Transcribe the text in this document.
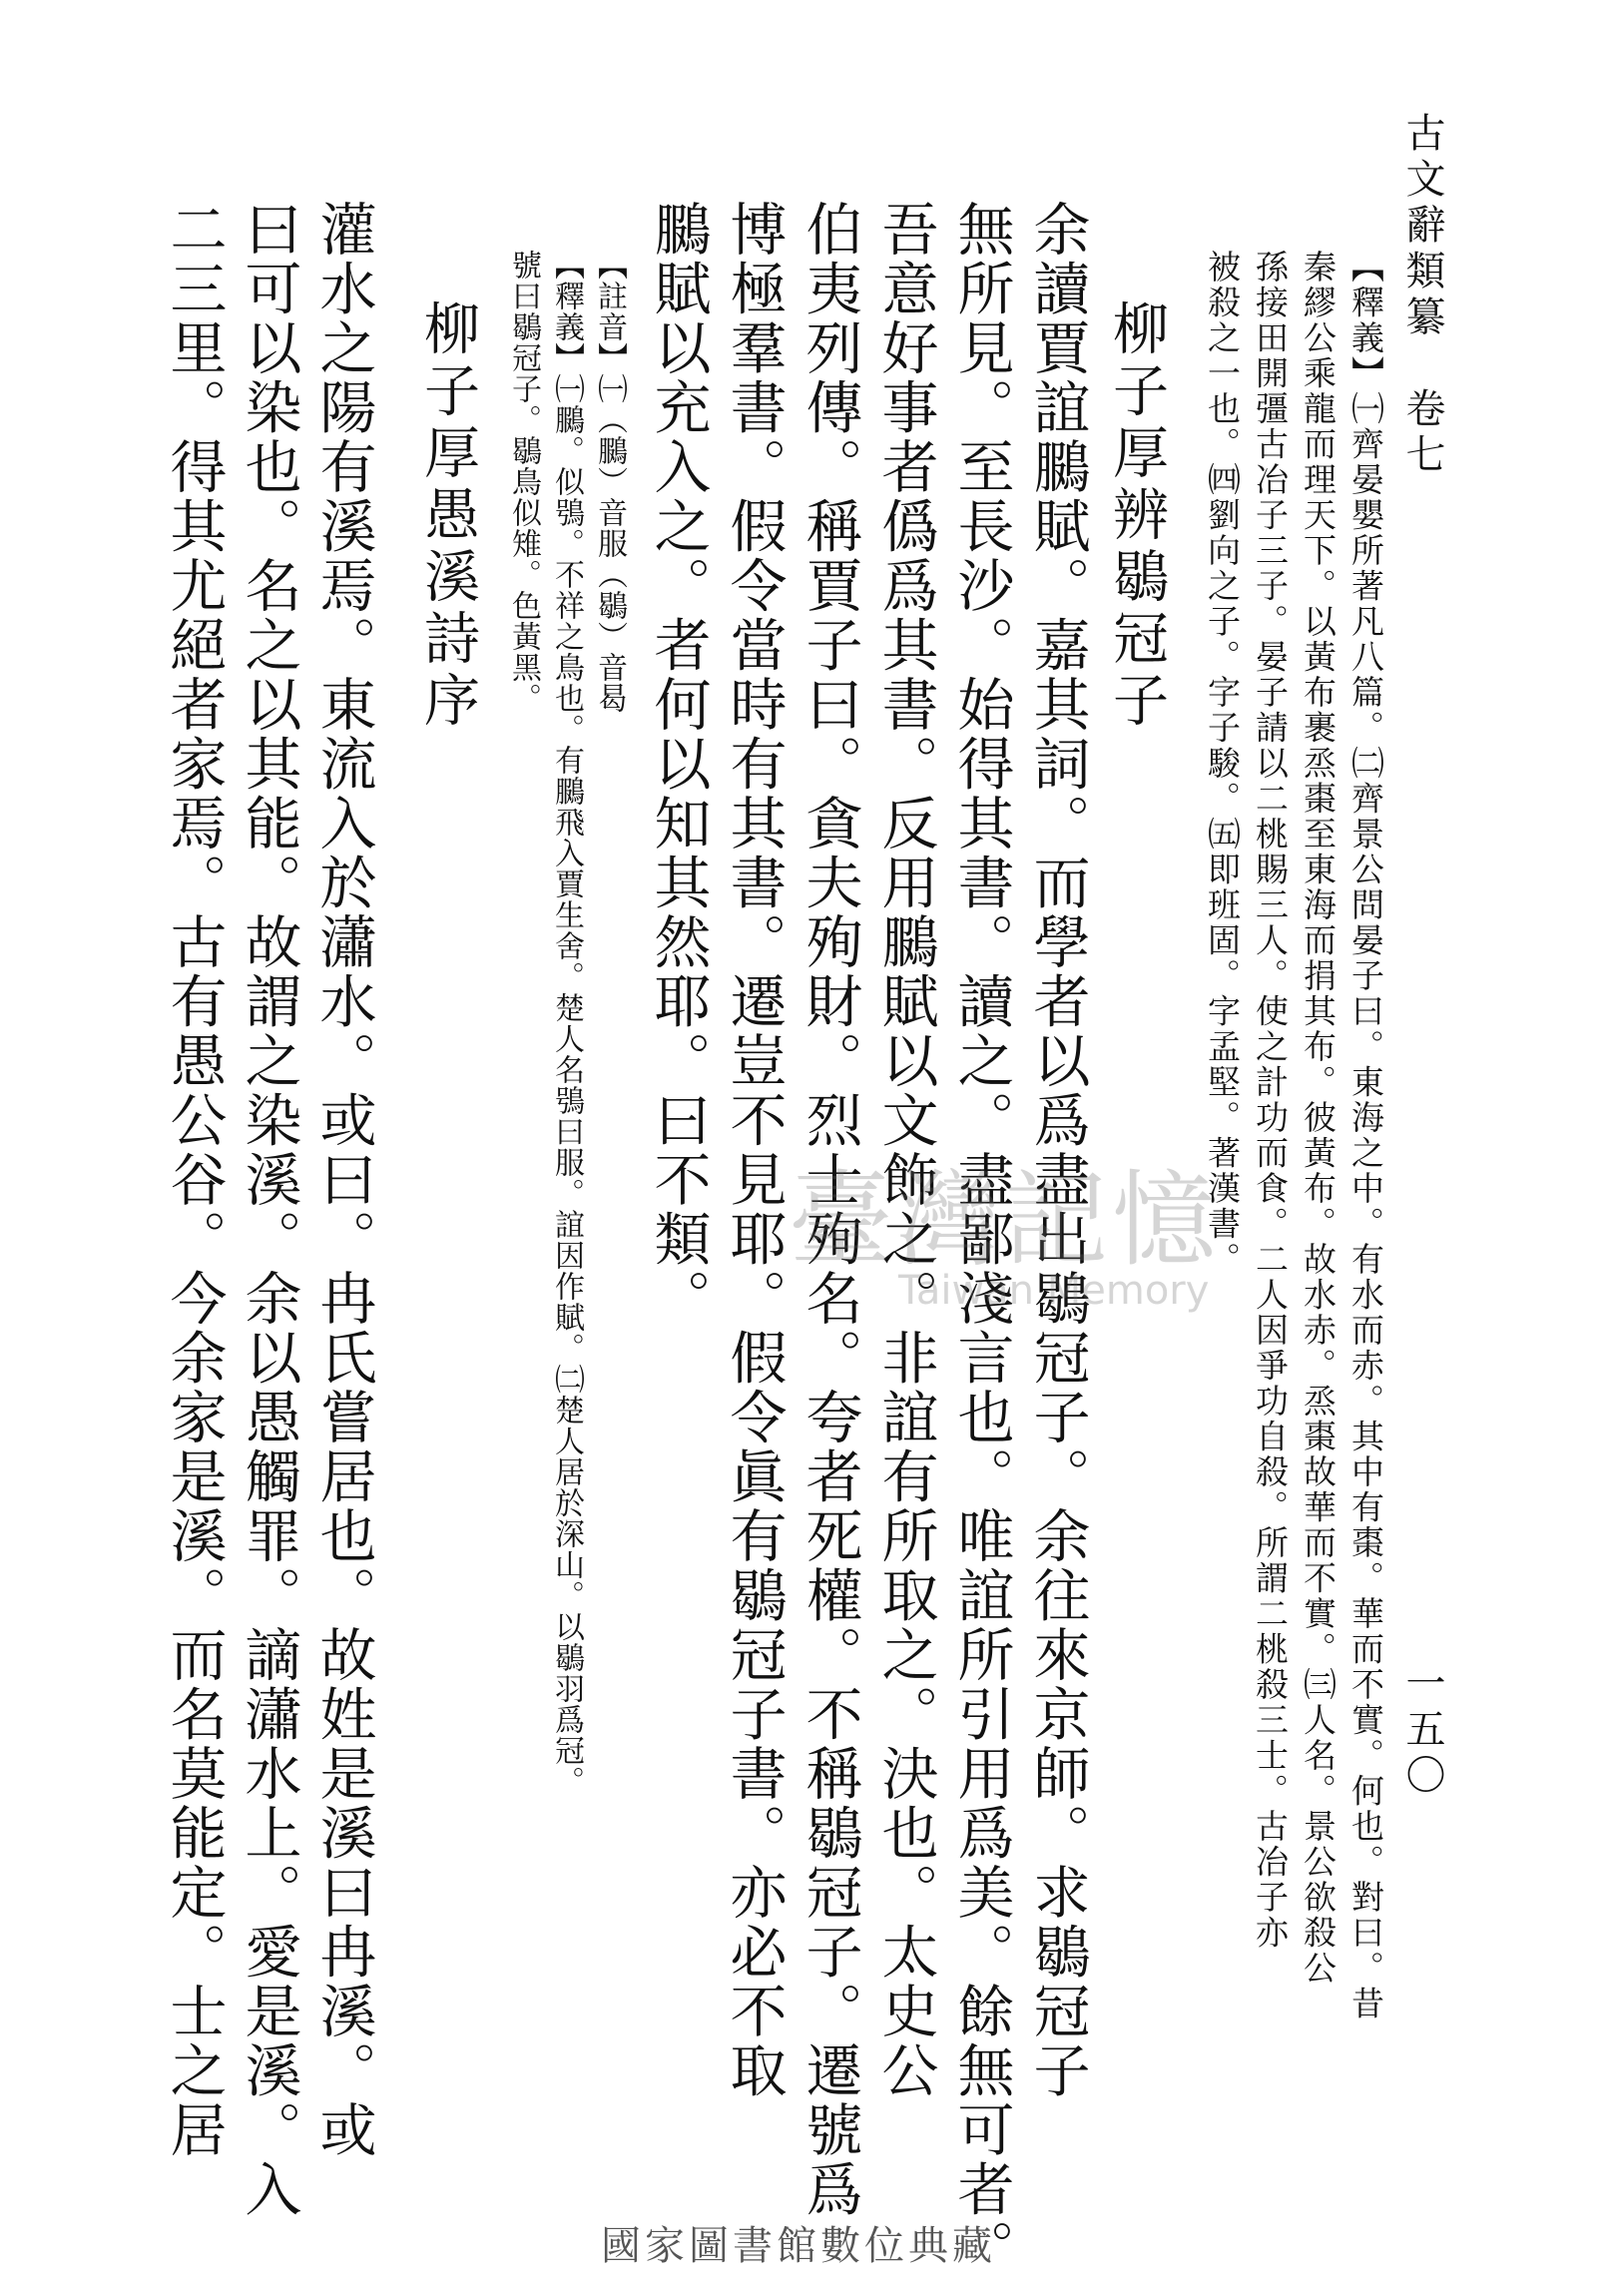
古文辭類纂　卷七
一五〇
【釋義】㈠齊晏嬰所著凡八篇。㈡齊景公問晏子曰。東海之中。有水而赤。其中有棗。華而不實。何也。對曰。昔
秦繆公乘龍而理天下。以黃布裹烝棗至東海而捐其布。彼黃布。故水赤。烝棗故華而不實。㈢人名。景公欲殺公
孫接田開彊古冶子三子。晏子請以二桃賜三人。使之計功而食。二人因爭功自殺。所謂二桃殺三士。古冶子亦
被殺之一也。㈣劉向之子。字子駿。㈤即班固。字孟堅。著漢書。
柳子厚辨鶡冠子
余讀賈誼鵩賦。嘉其詞。而學者以爲盡出鶡冠子。余往來京師。求鶡冠子
無所見。至長沙。始得其書。讀之。盡鄙淺言也。唯誼所引用爲美。餘無可者。
吾意好事者僞爲其書。反用鵩賦以文飾之。非誼有所取之。決也。太史公
伯夷列傳。稱賈子曰。貪夫殉財。烈士殉名。夸者死權。不稱鶡冠子。遷號爲
博極羣書。假令當時有其書。遷豈不見耶。假令眞有鶡冠子書。亦必不取
鵩賦以充入之。者何以知其然耶。曰不類。
【註音】㈠（鵩）音服（鶡）音曷
【釋義】㈠鵩。似鴞。不祥之鳥也。有鵩飛入賈生舍。楚人名鴞曰服。誼因作賦。㈡楚人居於深山。以鶡羽爲冠。
號曰鶡冠子。鶡鳥似雉。色黃黑。
柳子厚愚溪詩序
灌水之陽有溪焉。東流入於瀟水。或曰。冉氏嘗居也。故姓是溪曰冉溪。或
曰可以染也。名之以其能。故謂之染溪。余以愚觸罪。謫瀟水上。愛是溪。入
二三里。得其尤絕者家焉。古有愚公谷。今余家是溪。而名莫能定。士之居	臺灣記憶
Taiwan Memory
國家圖書館數位典藏
